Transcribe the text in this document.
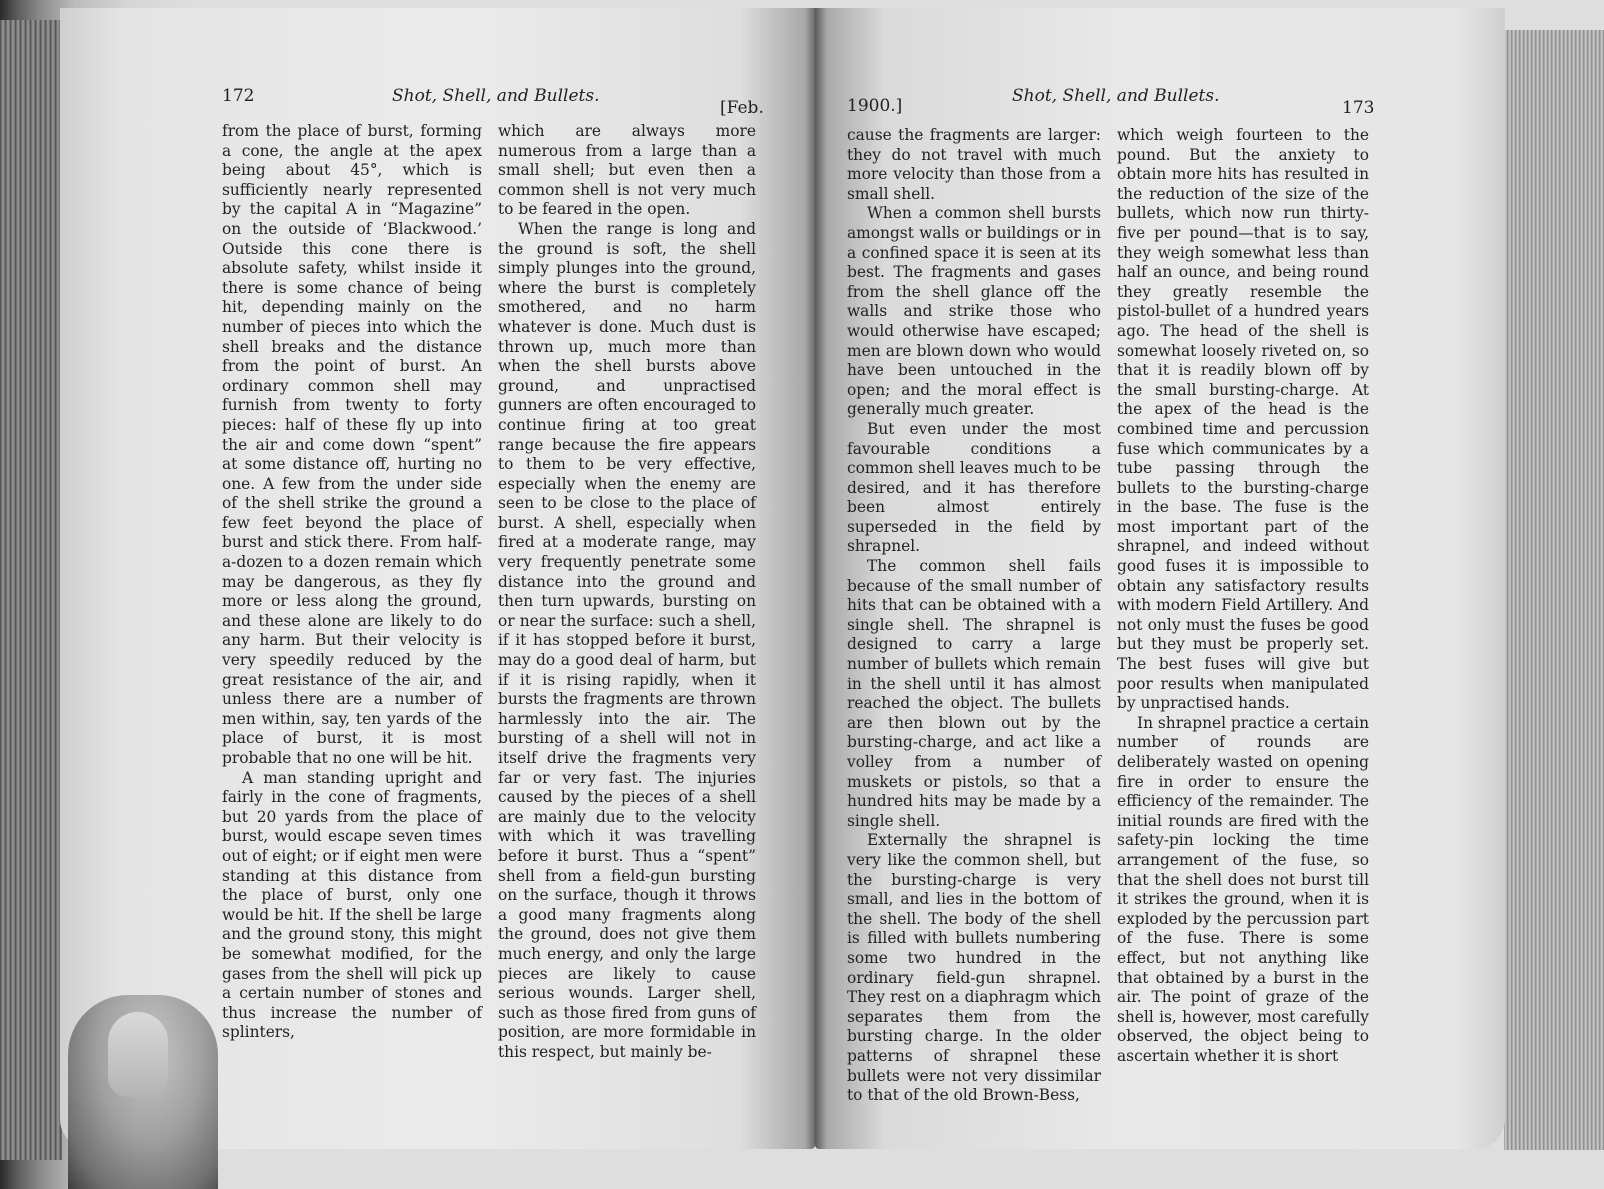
172	Shot, Shell, and Bullets.
[Feb.

from the place of burst, forming a cone, the angle at the apex being about 45°, which is sufficiently nearly represented by the capital A in “Magazine” on the outside of ‘Blackwood.’ Outside this cone there is absolute safety, whilst inside it there is some chance of being hit, depending mainly on the number of pieces into which the shell breaks and the distance from the point of burst. An ordinary common shell may furnish from twenty to forty pieces: half of these fly up into the air and come down “spent” at some distance off, hurting no one. A few from the under side of the shell strike the ground a few feet beyond the place of burst and stick there. From half-a-dozen to a dozen remain which may be dangerous, as they fly more or less along the ground, and these alone are likely to do any harm. But their velocity is very speedily reduced by the great resistance of the air, and unless there are a number of men within, say, ten yards of the place of burst, it is most probable that no one will be hit.

A man standing upright and fairly in the cone of fragments, but 20 yards from the place of burst, would escape seven times out of eight; or if eight men were standing at this distance from the place of burst, only one would be hit. If the shell be large and the ground stony, this might be somewhat modified, for the gases from the shell will pick up a certain number of stones and thus increase the number of splinters,

which are always more numerous from a large than a small shell; but even then a common shell is not very much to be feared in the open.

When the range is long and the ground is soft, the shell simply plunges into the ground, where the burst is completely smothered, and no harm whatever is done. Much dust is thrown up, much more than when the shell bursts above ground, and unpractised gunners are often encouraged to continue firing at too great range because the fire appears to them to be very effective, especially when the enemy are seen to be close to the place of burst. A shell, especially when fired at a moderate range, may very frequently penetrate some distance into the ground and then turn upwards, bursting on or near the surface: such a shell, if it has stopped before it burst, may do a good deal of harm, but if it is rising rapidly, when it bursts the fragments are thrown harmlessly into the air. The bursting of a shell will not in itself drive the fragments very far or very fast. The injuries caused by the pieces of a shell are mainly due to the velocity with which it was travelling before it burst. Thus a “spent” shell from a field-gun bursting on the surface, though it throws a good many fragments along the ground, does not give them much energy, and only the large pieces are likely to cause serious wounds. Larger shell, such as those fired from guns of position, are more formidable in this respect, but mainly be-

1900.]	Shot, Shell, and Bullets.
173

cause the fragments are larger: they do not travel with much more velocity than those from a small shell.

When a common shell bursts amongst walls or buildings or in a confined space it is seen at its best. The fragments and gases from the shell glance off the walls and strike those who would otherwise have escaped; men are blown down who would have been untouched in the open; and the moral effect is generally much greater.

But even under the most favourable conditions a common shell leaves much to be desired, and it has therefore been almost entirely superseded in the field by shrapnel.

The common shell fails because of the small number of hits that can be obtained with a single shell. The shrapnel is designed to carry a large number of bullets which remain in the shell until it has almost reached the object. The bullets are then blown out by the bursting-charge, and act like a volley from a number of muskets or pistols, so that a hundred hits may be made by a single shell.

Externally the shrapnel is very like the common shell, but the bursting-charge is very small, and lies in the bottom of the shell. The body of the shell is filled with bullets numbering some two hundred in the ordinary field-gun shrapnel. They rest on a diaphragm which separates them from the bursting charge. In the older patterns of shrapnel these bullets were not very dissimilar to that of the old Brown-Bess,

which weigh fourteen to the pound. But the anxiety to obtain more hits has resulted in the reduction of the size of the bullets, which now run thirty-five per pound—that is to say, they weigh somewhat less than half an ounce, and being round they greatly resemble the pistol-bullet of a hundred years ago. The head of the shell is somewhat loosely riveted on, so that it is readily blown off by the small bursting-charge. At the apex of the head is the combined time and percussion fuse which communicates by a tube passing through the bullets to the bursting-charge in the base. The fuse is the most important part of the shrapnel, and indeed without good fuses it is impossible to obtain any satisfactory results with modern Field Artillery. And not only must the fuses be good but they must be properly set. The best fuses will give but poor results when manipulated by unpractised hands.

In shrapnel practice a certain number of rounds are deliberately wasted on opening fire in order to ensure the efficiency of the remainder. The initial rounds are fired with the safety-pin locking the time arrangement of the fuse, so that the shell does not burst till it strikes the ground, when it is exploded by the percussion part of the fuse. There is some effect, but not anything like that obtained by a burst in the air. The point of graze of the shell is, however, most carefully observed, the object being to ascertain whether it is short
